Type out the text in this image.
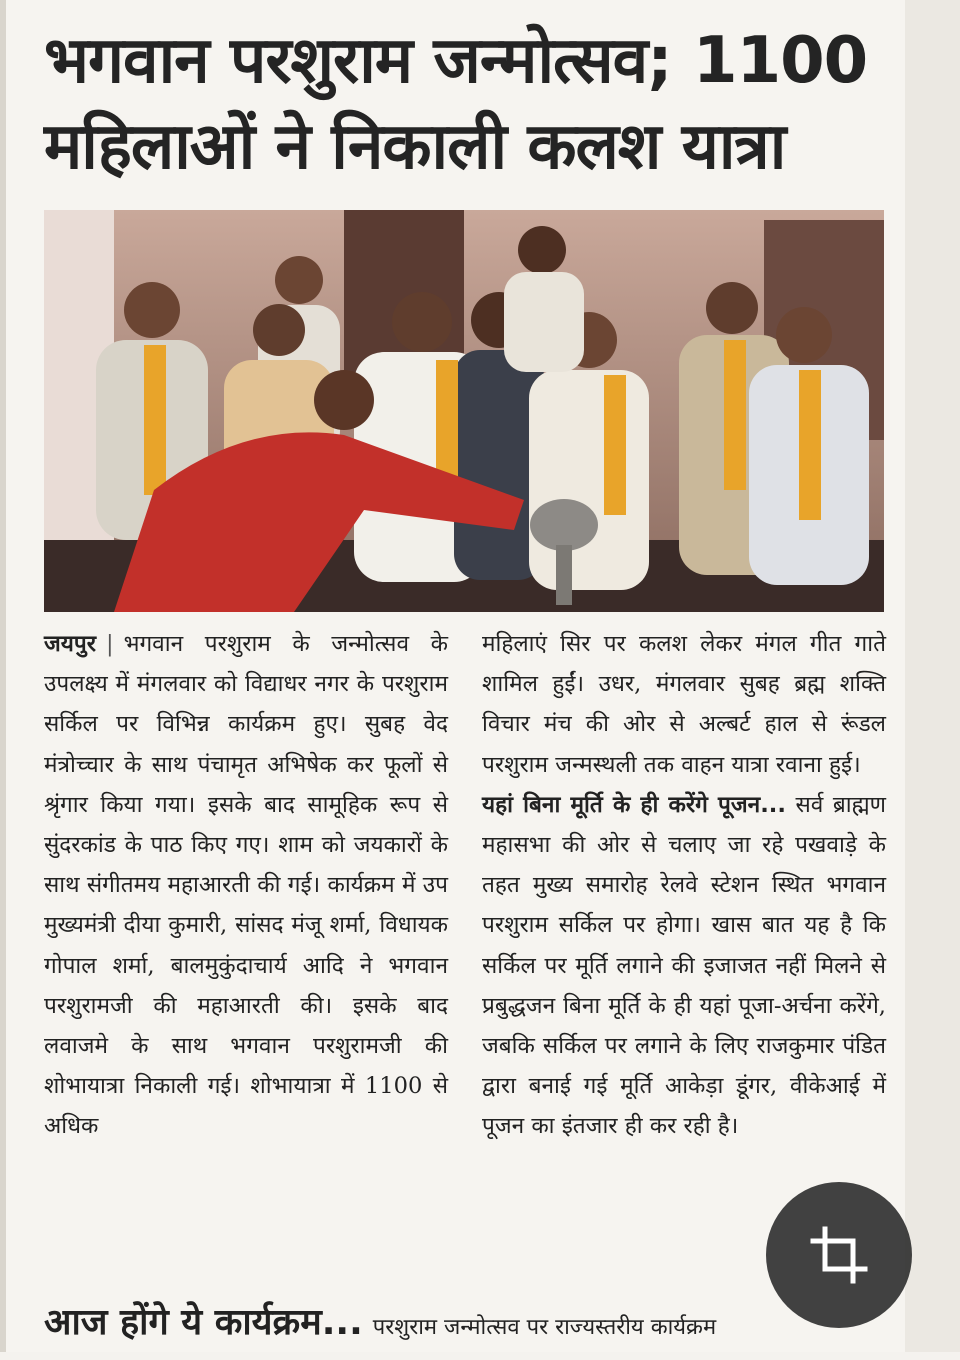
भगवान परशुराम जन्मोत्सव; 1100
महिलाओं ने निकाली कलश यात्रा

जयपुर | भगवान परशुराम के जन्मोत्सव के उपलक्ष्य में मंगलवार को विद्याधर नगर के परशुराम सर्किल पर विभिन्न कार्यक्रम हुए। सुबह वेद मंत्रोच्चार के साथ पंचामृत अभिषेक कर फूलों से श्रृंगार किया गया। इसके बाद सामूहिक रूप से सुंदरकांड के पाठ किए गए। शाम को जयकारों के साथ संगीतमय महाआरती की गई। कार्यक्रम में उप मुख्यमंत्री दीया कुमारी, सांसद मंजू शर्मा, विधायक गोपाल शर्मा, बालमुकुंदाचार्य आदि ने भगवान परशुरामजी की महाआरती की। इसके बाद लवाजमे के साथ भगवान परशुरामजी की शोभायात्रा निकाली गई। शोभायात्रा में 1100 से अधिक

महिलाएं सिर पर कलश लेकर मंगल गीत गाते शामिल हुईं। उधर, मंगलवार सुबह ब्रह्म शक्ति विचार मंच की ओर से अल्बर्ट हाल से रूंडल परशुराम जन्मस्थली तक वाहन यात्रा रवाना हुई।

यहां बिना मूर्ति के ही करेंगे पूजन... सर्व ब्राह्मण महासभा की ओर से चलाए जा रहे पखवाड़े के तहत मुख्य समारोह रेलवे स्टेशन स्थित भगवान परशुराम सर्किल पर होगा। खास बात यह है कि सर्किल पर मूर्ति लगाने की इजाजत नहीं मिलने से प्रबुद्धजन बिना मूर्ति के ही यहां पूजा-अर्चना करेंगे, जबकि सर्किल पर लगाने के लिए राजकुमार पंडित द्वारा बनाई गई मूर्ति आकेड़ा डूंगर, वीकेआई में पूजन का इंतजार ही कर रही है।

आज होंगे ये कार्यक्रम... परशुराम जन्मोत्सव पर राज्यस्तरीय कार्यक्रम
